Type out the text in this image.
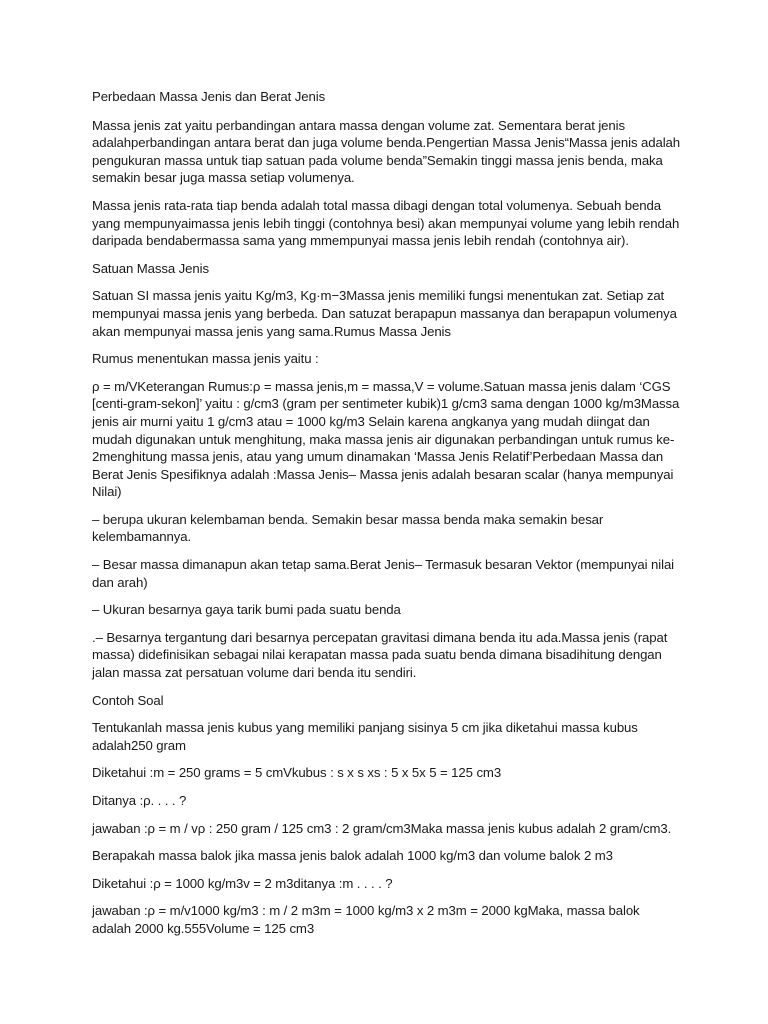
Perbedaan Massa Jenis dan Berat Jenis

Massa jenis zat yaitu perbandingan antara massa dengan volume zat. Sementara berat jenis adalahperbandingan antara berat dan juga volume benda.Pengertian Massa Jenis“Massa jenis adalah pengukuran massa untuk tiap satuan pada volume benda”Semakin tinggi massa jenis benda, maka semakin besar juga massa setiap volumenya.

Massa jenis rata-rata tiap benda adalah total massa dibagi dengan total volumenya. Sebuah benda yang mempunyaimassa jenis lebih tinggi (contohnya besi) akan mempunyai volume yang lebih rendah daripada bendabermassa sama yang mmempunyai massa jenis lebih rendah (contohnya air).

Satuan Massa Jenis

Satuan SI massa jenis yaitu Kg/m3, Kg·m−3Massa jenis memiliki fungsi menentukan zat. Setiap zat mempunyai massa jenis yang berbeda. Dan satuzat berapapun massanya dan berapapun volumenya akan mempunyai massa jenis yang sama.Rumus Massa Jenis

Rumus menentukan massa jenis yaitu :

ρ = m/VKeterangan Rumus:ρ = massa jenis,m = massa,V = volume.Satuan massa jenis dalam ‘CGS [centi-gram-sekon]’ yaitu : g/cm3 (gram per sentimeter kubik)1 g/cm3 sama dengan 1000 kg/m3Massa jenis air murni yaitu 1 g/cm3 atau = 1000 kg/m3 Selain karena angkanya yang mudah diingat dan mudah digunakan untuk menghitung, maka massa jenis air digunakan perbandingan untuk rumus ke-2menghitung massa jenis, atau yang umum dinamakan ‘Massa Jenis Relatif’Perbedaan Massa dan Berat Jenis Spesifiknya adalah :Massa Jenis– Massa jenis adalah besaran scalar (hanya mempunyai Nilai)

– berupa ukuran kelembaman benda. Semakin besar massa benda maka semakin besar kelembamannya.

– Besar massa dimanapun akan tetap sama.Berat Jenis– Termasuk besaran Vektor (mempunyai nilai dan arah)

– Ukuran besarnya gaya tarik bumi pada suatu benda

.– Besarnya tergantung dari besarnya percepatan gravitasi dimana benda itu ada.Massa jenis (rapat massa) didefinisikan sebagai nilai kerapatan massa pada suatu benda dimana bisadihitung dengan jalan massa zat persatuan volume dari benda itu sendiri.

Contoh Soal

Tentukanlah massa jenis kubus yang memiliki panjang sisinya 5 cm jika diketahui massa kubus adalah250 gram

Diketahui :m = 250 grams = 5 cmVkubus : s x s xs : 5 x 5x 5 = 125 cm3

Ditanya :ρ. . . . ?

jawaban :ρ = m / vρ : 250 gram / 125 cm3 : 2 gram/cm3Maka massa jenis kubus adalah 2 gram/cm3.

Berapakah massa balok jika massa jenis balok adalah 1000 kg/m3 dan volume balok 2 m3

Diketahui :ρ = 1000 kg/m3v = 2 m3ditanya :m . . . . ?

jawaban :ρ = m/v1000 kg/m3 : m / 2 m3m = 1000 kg/m3 x 2 m3m = 2000 kgMaka, massa balok adalah 2000 kg.555Volume = 125 cm3
